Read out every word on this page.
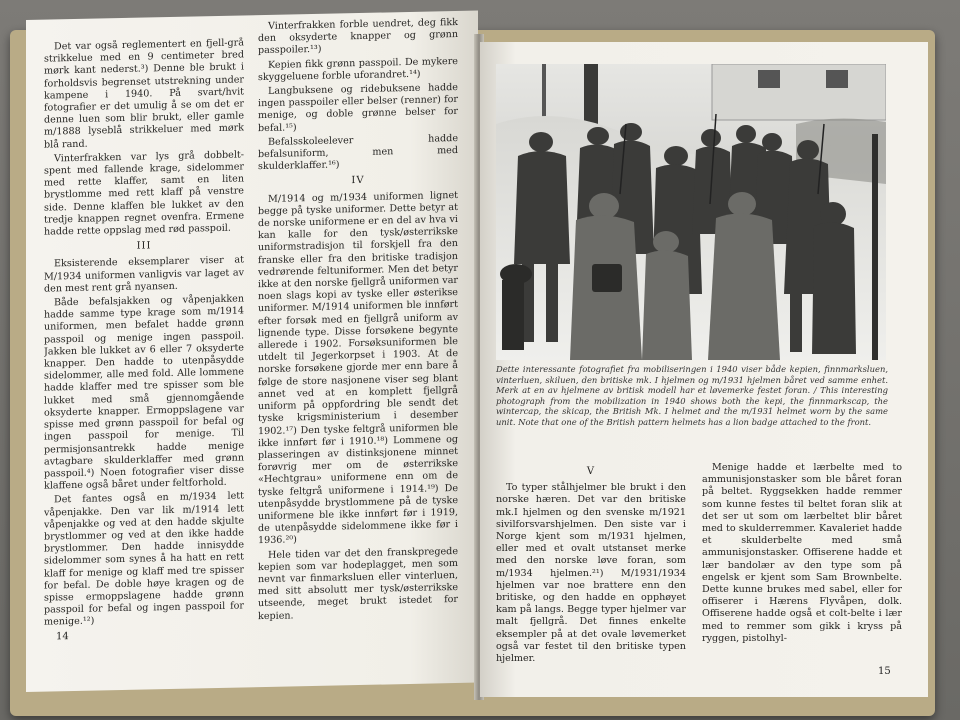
Det var også reglementert en fjell-grå strikkelue med en 9 centimeter bred mørk kant nederst.³) Denne ble brukt i forholdsvis begrenset utstrekning under kampene i 1940. På svart/hvit fotografier er det umulig å se om det er denne luen som blir brukt, eller gamle m/1888 lyseblå strikkeluer med mørk blå rand.

Vinterfrakken var lys grå dobbelt-spent med fallende krage, sidelommer med rette klaffer, samt en liten brystlomme med rett klaff på venstre side. Denne klaffen ble lukket av den tredje knappen regnet ovenfra. Ermene hadde rette oppslag med rød passpoil.

III

Eksisterende eksemplarer viser at M/1934 uniformen vanligvis var laget av den mest rent grå nyansen.

Både befalsjakken og våpenjakken hadde samme type krage som m/1914 uniformen, men befalet hadde grønn passpoil og menige ingen passpoil. Jakken ble lukket av 6 eller 7 oksyderte knapper. Den hadde to utenpåsydde sidelommer, alle med fold. Alle lommene hadde klaffer med tre spisser som ble lukket med små gjennomgående oksyderte knapper. Ermoppslagene var spisse med grønn passpoil for befal og ingen passpoil for menige. Til permisjonsantrekk hadde menige avtagbare skulderklaffer med grønn passpoil.⁴) Noen fotografier viser disse klaffene også båret under feltforhold.

Det fantes også en m/1934 lett våpenjakke. Den var lik m/1914 lett våpenjakke og ved at den hadde skjulte brystlommer og ved at den ikke hadde brystlommer. Den hadde innisydde sidelommer som synes å ha hatt en rett klaff for menige og klaff med tre spisser for befal. De doble høye kragen og de spisse ermoppslagene hadde grønn passpoil for befal og ingen passpoil for menige.¹²)

Vinterfrakken forble uendret, deg fikk den oksyderte knapper og grønn passpoiler.¹³)

Kepien fikk grønn passpoil. De mykere skyggeluene forble uforandret.¹⁴)

Langbuksene og ridebuksene hadde ingen passpoiler eller belser (renner) for menige, og doble grønne belser for befal.¹⁵)

Befalsskoleelever hadde befalsuniform, men med skulderklaffer.¹⁶)

IV

M/1914 og m/1934 uniformen lignet begge på tyske uniformer. Dette betyr at de norske uniformene er en del av hva vi kan kalle for den tysk/østerrikske uniformstradisjon til forskjell fra den franske eller fra den britiske tradisjon vedrørende feltuniformer. Men det betyr ikke at den norske fjellgrå uniformen var noen slags kopi av tyske eller østerikse uniformer. M/1914 uniformen ble innført efter forsøk med en fjellgrå uniform av lignende type. Disse forsøkene begynte allerede i 1902. Forsøksuniformen ble utdelt til Jegerkorpset i 1903. At de norske forsøkene gjorde mer enn bare å følge de store nasjonene viser seg blant annet ved at en komplett fjellgrå uniform på oppfordring ble sendt det tyske krigsministerium i desember 1902.¹⁷) Den tyske feltgrå uniformen ble ikke innført før i 1910.¹⁸) Lommene og plasseringen av distinksjonene minnet forøvrig mer om de østerrikske «Hechtgrau» uniformene enn om de tyske feltgrå uniformene i 1914.¹⁹) De utenpåsydde brystlommene på de tyske uniformene ble ikke innført før i 1919, de utenpåsydde sidelommene ikke før i 1936.²⁰)

Hele tiden var det den franskpregede kepien som var hodeplagget, men som nevnt var finmarksluen eller vinterluen, med sitt absolutt mer tysk/østerrikske utseende, meget brukt istedet for kepien.

14
Dette interessante fotografiet fra mobiliseringen i 1940 viser både kepien, finnmarksluen, vinterluen, skiluen, den britiske mk. I hjelmen og m/1931 hjelmen båret ved samme enhet. Merk at en av hjelmene av britisk modell har et løvemerke festet foran. / This interesting photograph from the mobilization in 1940 shows both the kepi, the finnmarkscap, the wintercap, the skicap, the British Mk. I helmet and the m/1931 helmet worn by the same unit. Note that one of the British pattern helmets has a lion badge attached to the front.
V

To typer stålhjelmer ble brukt i den norske hæren. Det var den britiske mk.I hjelmen og den svenske m/1921 sivilforsvarshjelmen. Den siste var i Norge kjent som m/1931 hjelmen, eller med et ovalt utstanset merke med den norske løve foran, som m/1934 hjelmen.²¹) M/1931/1934 hjelmen var noe brattere enn den britiske, og den hadde en opphøyet kam på langs. Begge typer hjelmer var malt fjellgrå. Det finnes enkelte eksempler på at det ovale løvemerket også var festet til den britiske typen hjelmer.

Menige hadde et lærbelte med to ammunisjonstasker som ble båret foran på beltet. Ryggsekken hadde remmer som kunne festes til beltet foran slik at det ser ut som om lærbeltet blir båret med to skulderremmer. Kavaleriet hadde et skulderbelte med små ammunisjonstasker. Offiserene hadde et lær bandolær av den type som på engelsk er kjent som Sam Brownbelte. Dette kunne brukes med sabel, eller for offiserer i Hærens Flyvåpen, dolk. Offiserene hadde også et colt-belte i lær med to remmer som gikk i kryss på ryggen, pistolhyl-

15
